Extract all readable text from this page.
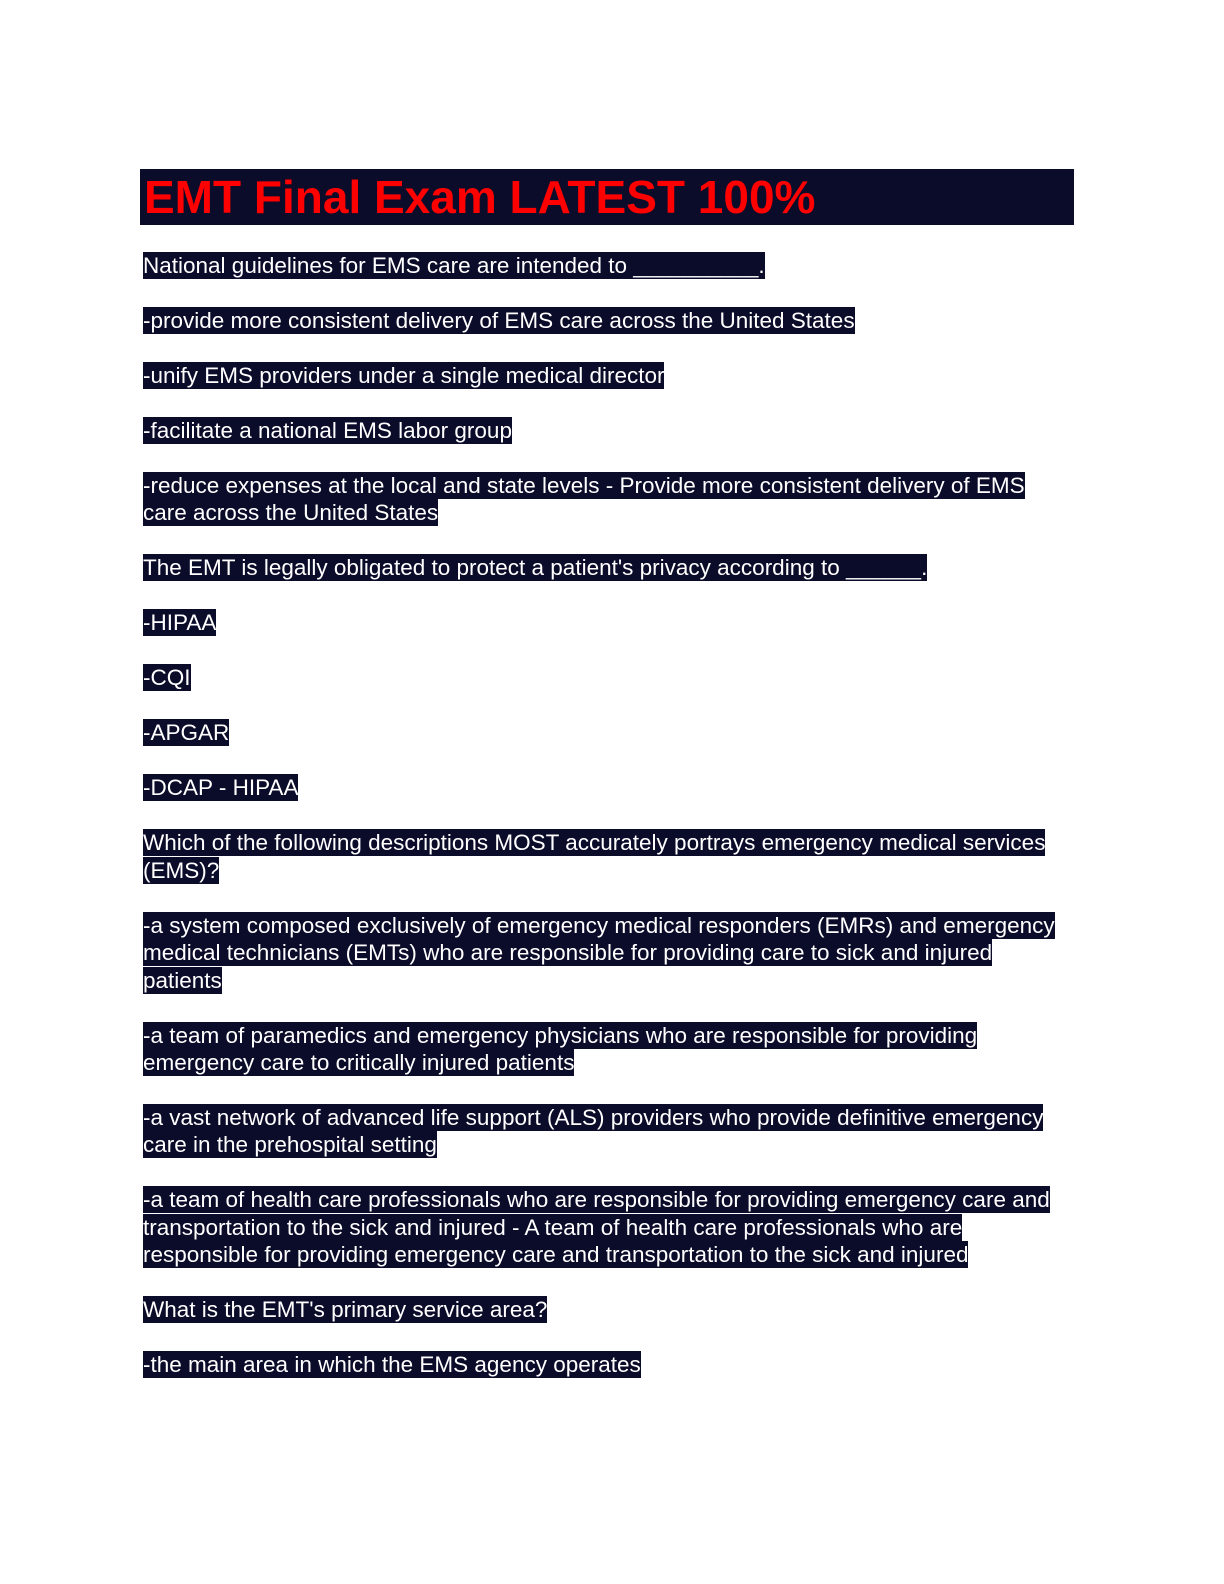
EMT Final Exam LATEST 100%

National guidelines for EMS care are intended to __________.

-provide more consistent delivery of EMS care across the United States

-unify EMS providers under a single medical director

-facilitate a national EMS labor group

-reduce expenses at the local and state levels - Provide more consistent delivery of EMS care across the United States

The EMT is legally obligated to protect a patient's privacy according to ______.

-HIPAA

-CQI

-APGAR

-DCAP - HIPAA

Which of the following descriptions MOST accurately portrays emergency medical services (EMS)?

-a system composed exclusively of emergency medical responders (EMRs) and emergency medical technicians (EMTs) who are responsible for providing care to sick and injured patients

-a team of paramedics and emergency physicians who are responsible for providing emergency care to critically injured patients

-a vast network of advanced life support (ALS) providers who provide definitive emergency care in the prehospital setting

-a team of health care professionals who are responsible for providing emergency care and transportation to the sick and injured - A team of health care professionals who are responsible for providing emergency care and transportation to the sick and injured

What is the EMT's primary service area?

-the main area in which the EMS agency operates
